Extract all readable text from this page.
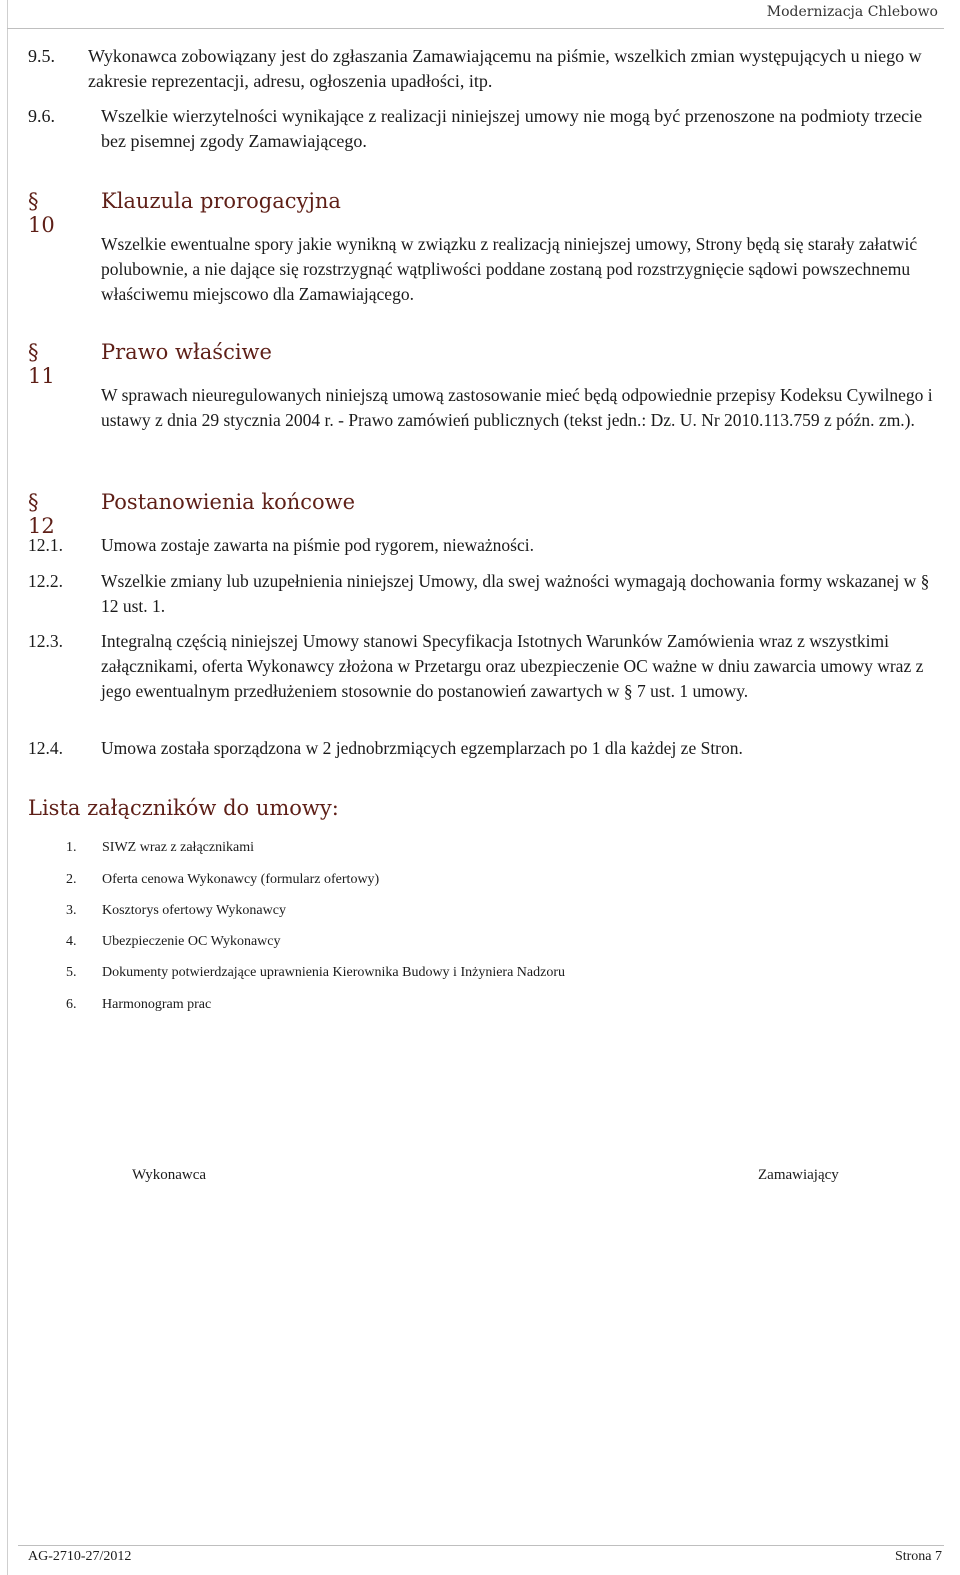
Modernizacja Chlebowo
9.5. Wykonawca zobowiązany jest do zgłaszania Zamawiającemu na piśmie, wszelkich zmian występujących u niego w zakresie reprezentacji, adresu, ogłoszenia upadłości, itp.
9.6.	Wszelkie wierzytelności wynikające z realizacji niniejszej umowy nie mogą być przenoszone na podmioty trzecie bez pisemnej zgody Zamawiającego.
§ 10
Klauzula prorogacyjna
Wszelkie ewentualne spory jakie wynikną w związku z realizacją niniejszej umowy, Strony będą się starały załatwić polubownie, a nie dające się rozstrzygnąć wątpliwości poddane zostaną pod rozstrzygnięcie sądowi powszechnemu właściwemu miejscowo dla Zamawiającego.
§ 11
Prawo właściwe
W sprawach nieuregulowanych niniejszą umową zastosowanie mieć będą odpowiednie przepisy Kodeksu Cywilnego i ustawy z dnia 29 stycznia 2004 r. - Prawo zamówień publicznych (tekst jedn.: Dz. U. Nr 2010.113.759 z późn. zm.).
§ 12
Postanowienia końcowe
12.1. Umowa zostaje zawarta na piśmie pod rygorem, nieważności.
12.2. Wszelkie zmiany lub uzupełnienia niniejszej Umowy, dla swej ważności wymagają dochowania formy wskazanej w § 12 ust. 1.
12.3. Integralną częścią niniejszej Umowy stanowi Specyfikacja Istotnych Warunków Zamówienia wraz z wszystkimi załącznikami, oferta Wykonawcy złożona w Przetargu oraz ubezpieczenie OC ważne w dniu zawarcia umowy wraz z jego ewentualnym przedłużeniem stosownie do postanowień zawartych w § 7 ust. 1 umowy.
12.4. Umowa została sporządzona w 2 jednobrzmiących egzemplarzach po 1 dla każdej ze Stron.
Lista załączników do umowy:
1. SIWZ wraz z załącznikami
2. Oferta cenowa Wykonawcy (formularz ofertowy)
3. Kosztorys ofertowy Wykonawcy
4. Ubezpieczenie OC Wykonawcy
5. Dokumenty potwierdzające uprawnienia Kierownika Budowy i Inżyniera Nadzoru
6. Harmonogram prac
Wykonawca	Zamawiający
AG-2710-27/2012	Strona 7
